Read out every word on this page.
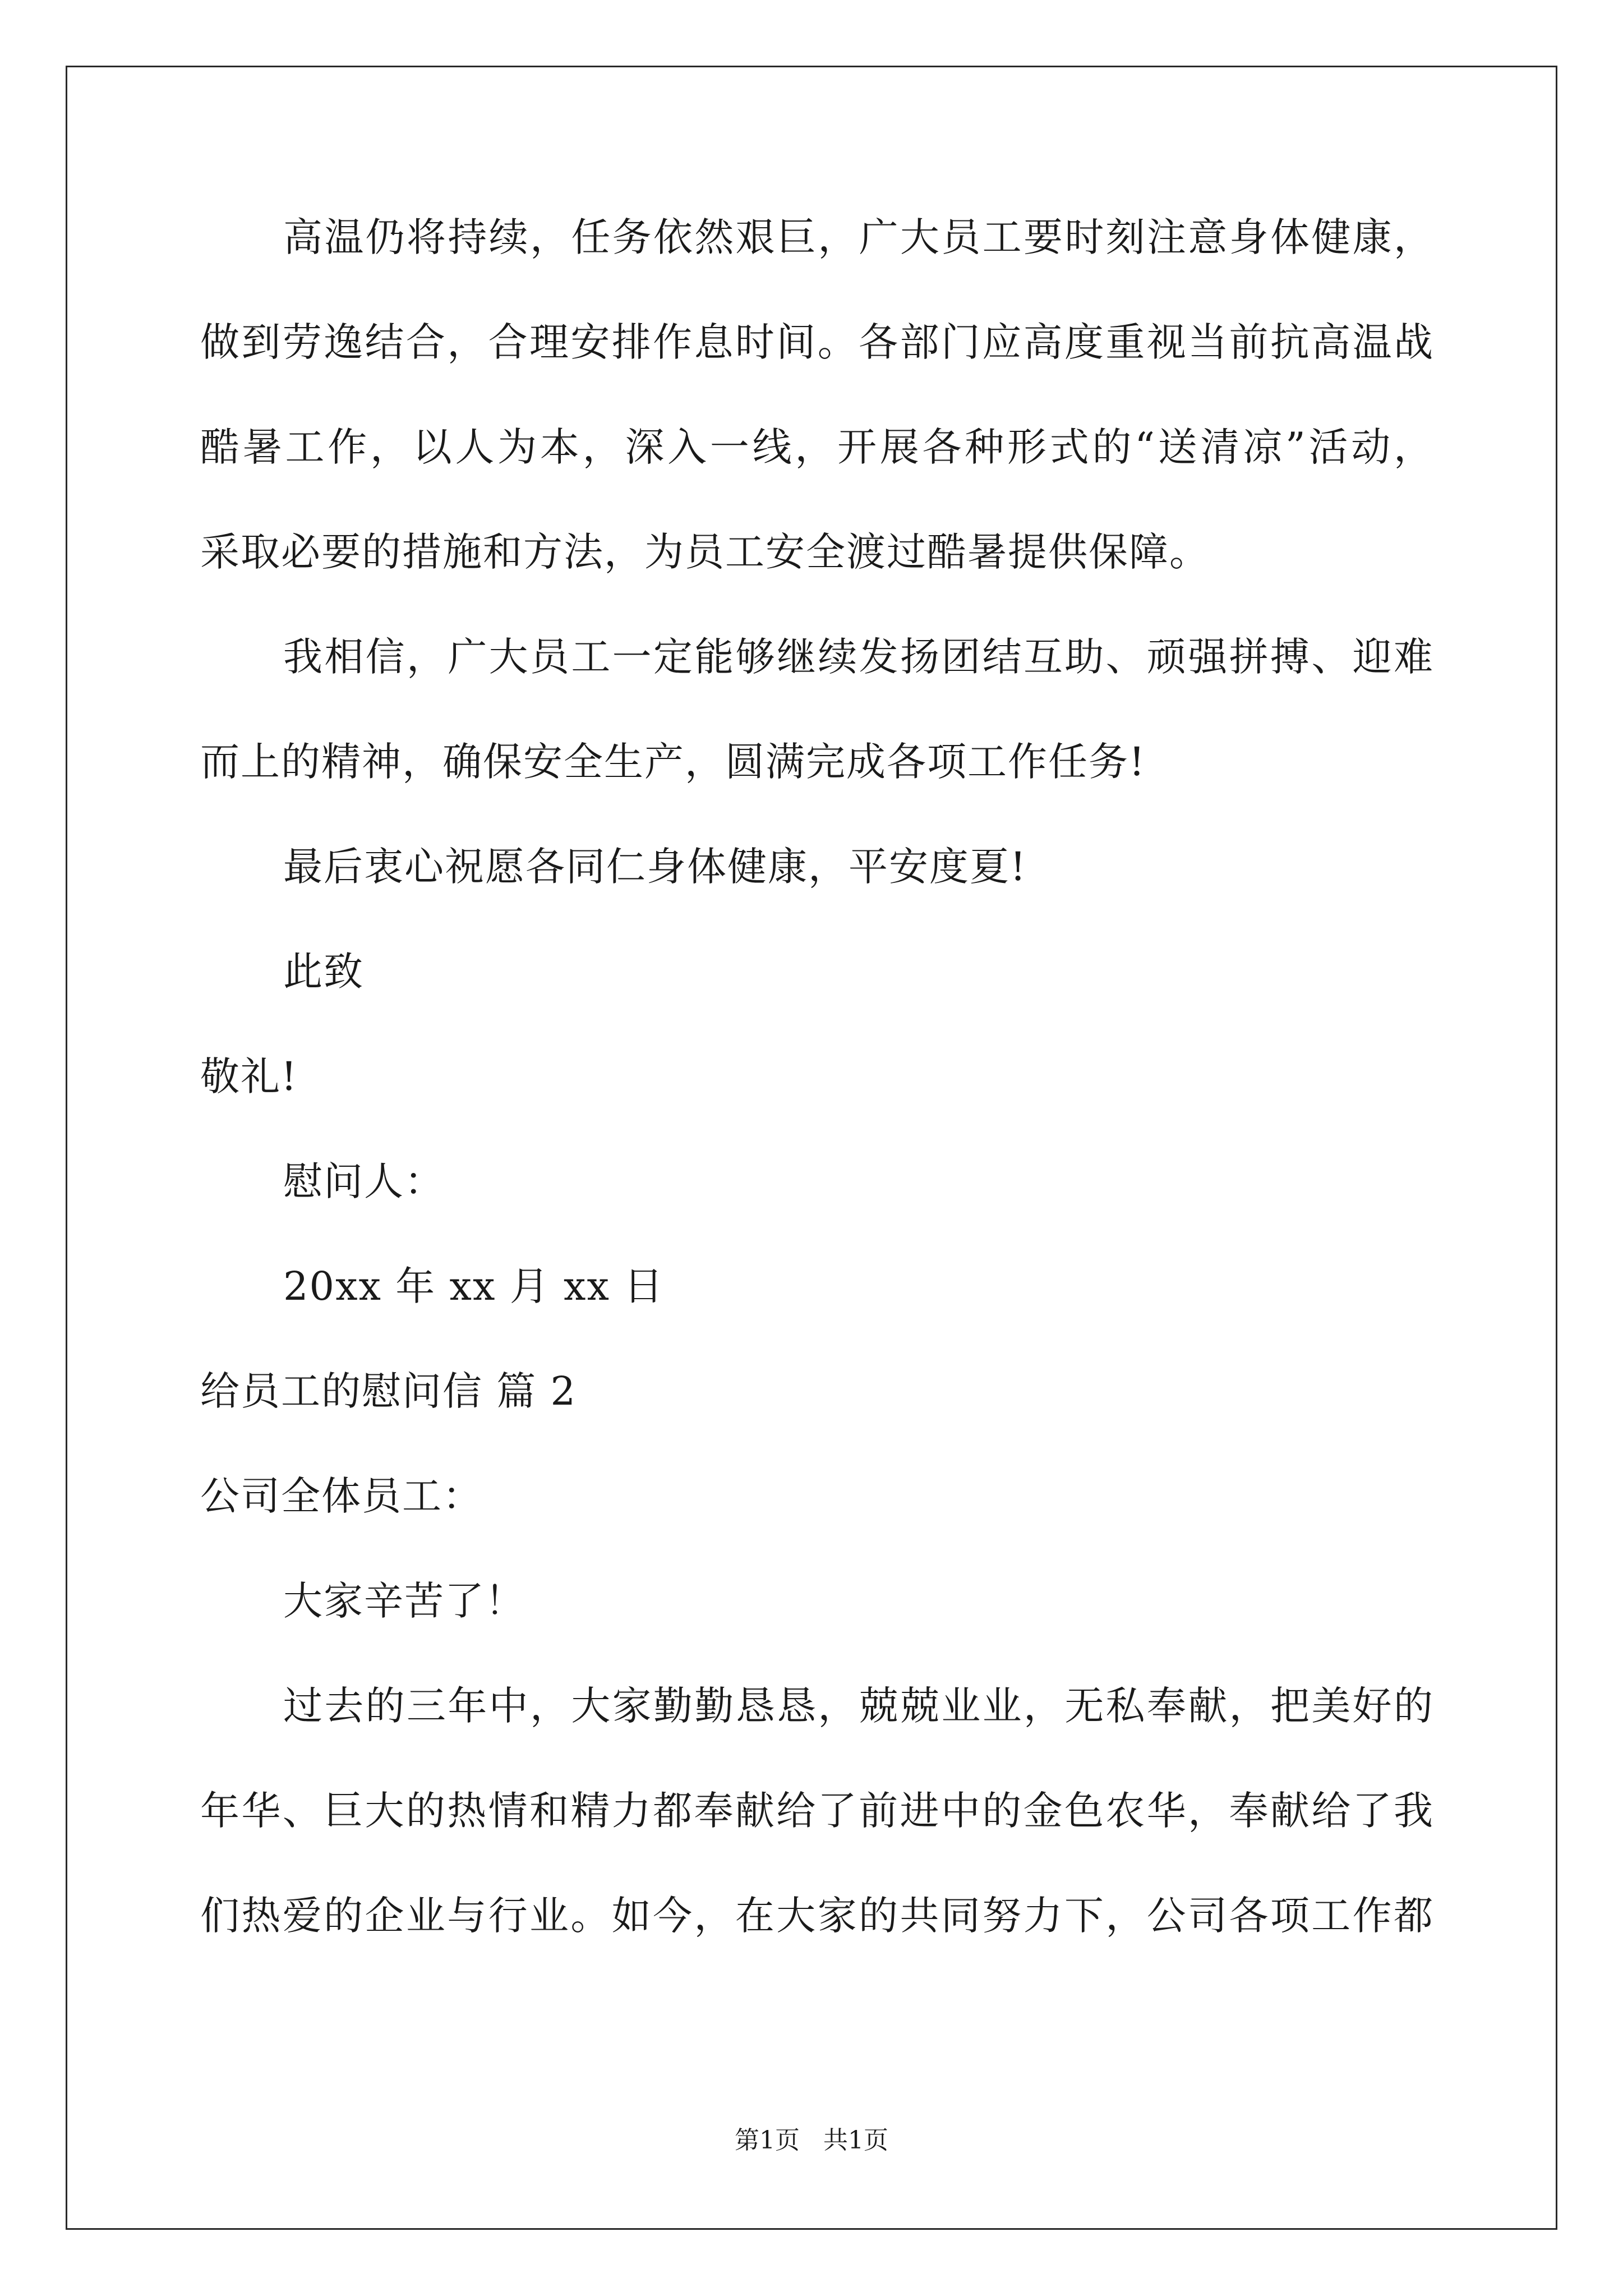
高温仍将持续，任务依然艰巨，广大员工要时刻注意身体健康，
做到劳逸结合，合理安排作息时间。各部门应高度重视当前抗高温战
酷暑工作，以人为本，深入一线，开展各种形式的“送清凉”活动，
采取必要的措施和方法，为员工安全渡过酷暑提供保障。
我相信，广大员工一定能够继续发扬团结互助、顽强拼搏、迎难
而上的精神，确保安全生产，圆满完成各项工作任务!
最后衷心祝愿各同仁身体健康，平安度夏!
此致
敬礼!
慰问人：
20xx 年 xx 月 xx 日
给员工的慰问信 篇 2
公司全体员工：
大家辛苦了！
过去的三年中，大家勤勤恳恳，兢兢业业，无私奉献，把美好的
年华、巨大的热情和精力都奉献给了前进中的金色农华，奉献给了我
们热爱的企业与行业。如今，在大家的共同努力下，公司各项工作都
第1页   共1页
